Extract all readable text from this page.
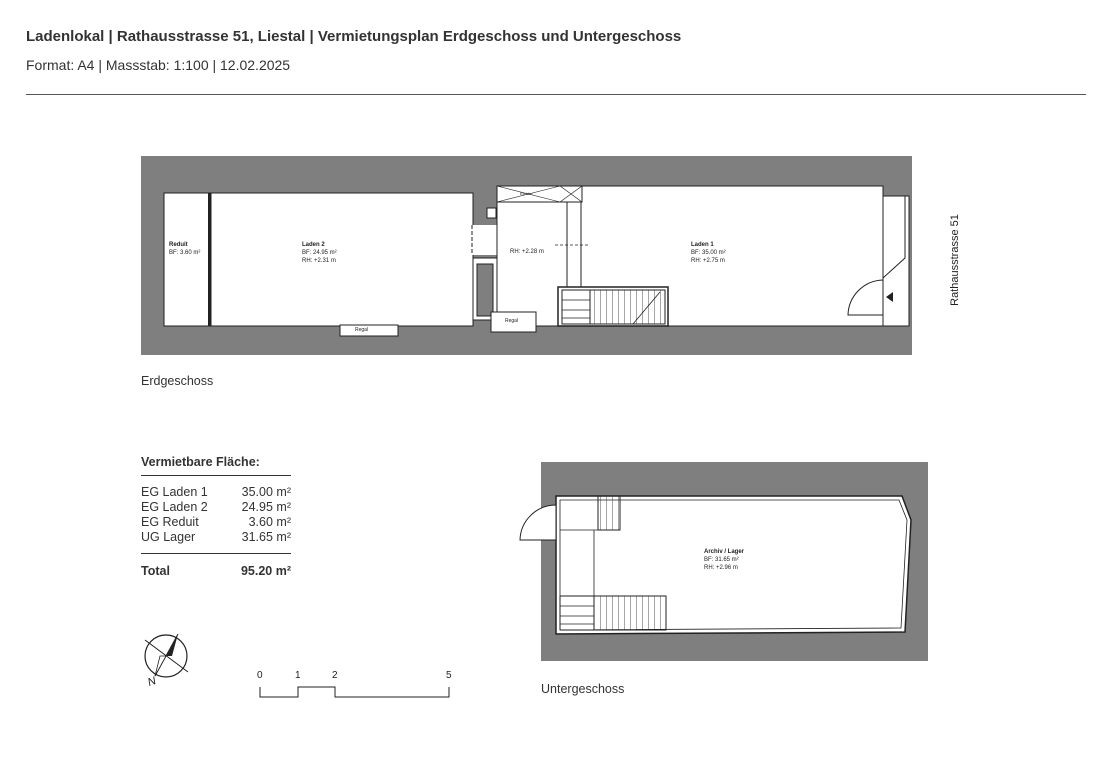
Ladenlokal | Rathausstrasse 51, Liestal | Vermietungsplan Erdgeschoss und Untergeschoss
Format: A4 | Massstab: 1:100 | 12.02.2025
Reduit
BF: 3.60 m²
Laden 2
BF: 24.95 m²
RH: +2.31 m
Laden 1
BF: 35.00 m²
RH: +2.75 m
RH: +2.28 m
Regal
Regal
Elektro
Rathausstrasse 51
Erdgeschoss
Archiv / Lager
BF: 31.65 m²
RH: +2.96 m
Untergeschoss
Vermietbare Fläche:
EG Laden 1	35.00 m²
EG Laden 2	24.95 m²
EG Reduit	3.60 m²
UG Lager	31.65 m²
Total	95.20 m²
N	0	1	2	5
